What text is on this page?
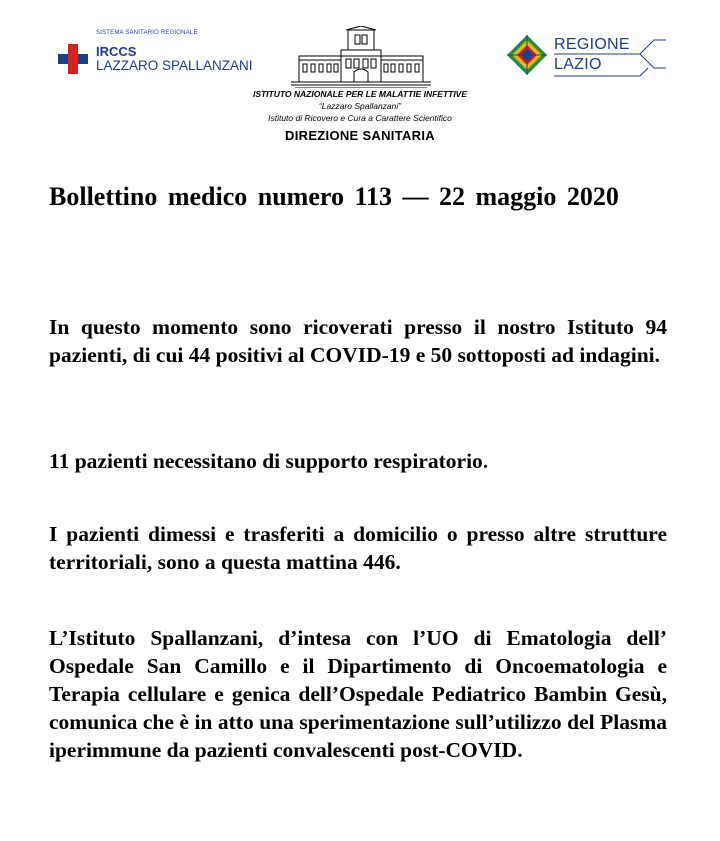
SISTEMA SANITARIO REGIONALE
IRCCS
LAZZARO SPALLANZANI
ISTITUTO NAZIONALE PER LE MALATTIE INFETTIVE
“Lazzaro Spallanzani”
Istituto di Ricovero e Cura a Carattere Scientifico
DIREZIONE SANITARIA
REGIONE
LAZIO
Bollettino medico numero 113 — 22 maggio 2020

In questo momento sono ricoverati presso il nostro Istituto 94 pazienti, di cui 44 positivi al COVID-19 e 50 sottoposti ad indagini.

11 pazienti necessitano di supporto respiratorio.

I pazienti dimessi e trasferiti a domicilio o presso altre strutture territoriali, sono a questa mattina 446.

L’Istituto Spallanzani, d’intesa con l’UO di Ematologia dell’ Ospedale San Camillo e il Dipartimento di Oncoematologia e Terapia cellulare e genica dell’Ospedale Pediatrico Bambin Gesù, comunica che è in atto una sperimentazione sull’utilizzo del Plasma iperimmune da pazienti convalescenti post-COVID.
